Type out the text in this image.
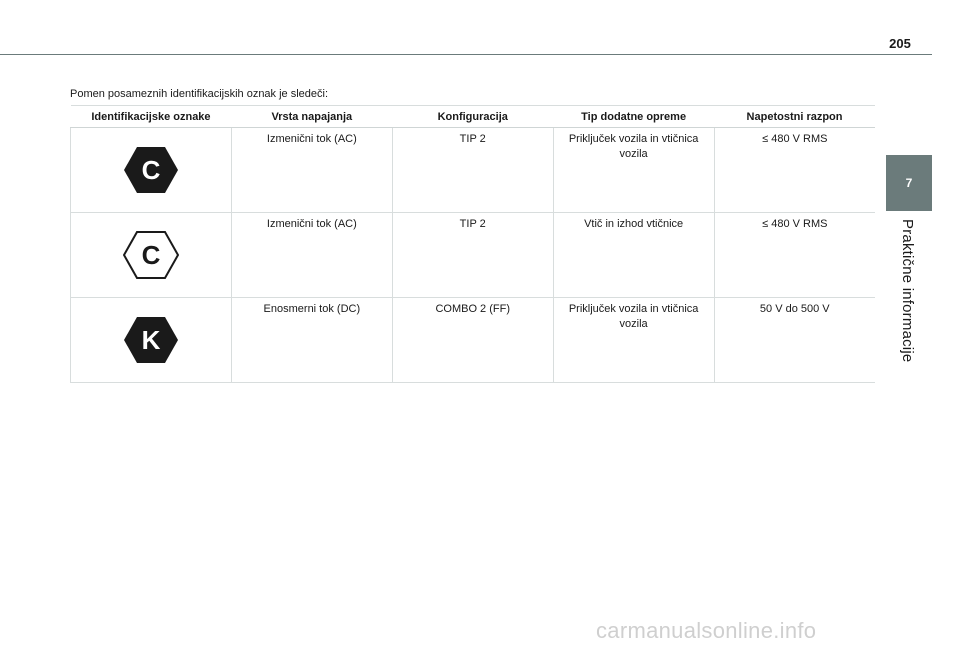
205
7
Praktične informacije
Pomen posameznih identifikacijskih oznak je sledeči:
Identifikacijske oznake	Vrsta napajanja	Konfiguracija	Tip dodatne opreme	Napetostni razpon

C	Izmenični tok (AC)	TIP 2	Priključek vozila in vtičnica vozila	≤ 480 V RMS

C	Izmenični tok (AC)	TIP 2	Vtič in izhod vtičnice	≤ 480 V RMS

K	Enosmerni tok (DC)	COMBO 2 (FF)	Priključek vozila in vtičnica vozila	50 V do 500 V
carmanualsonline.info
